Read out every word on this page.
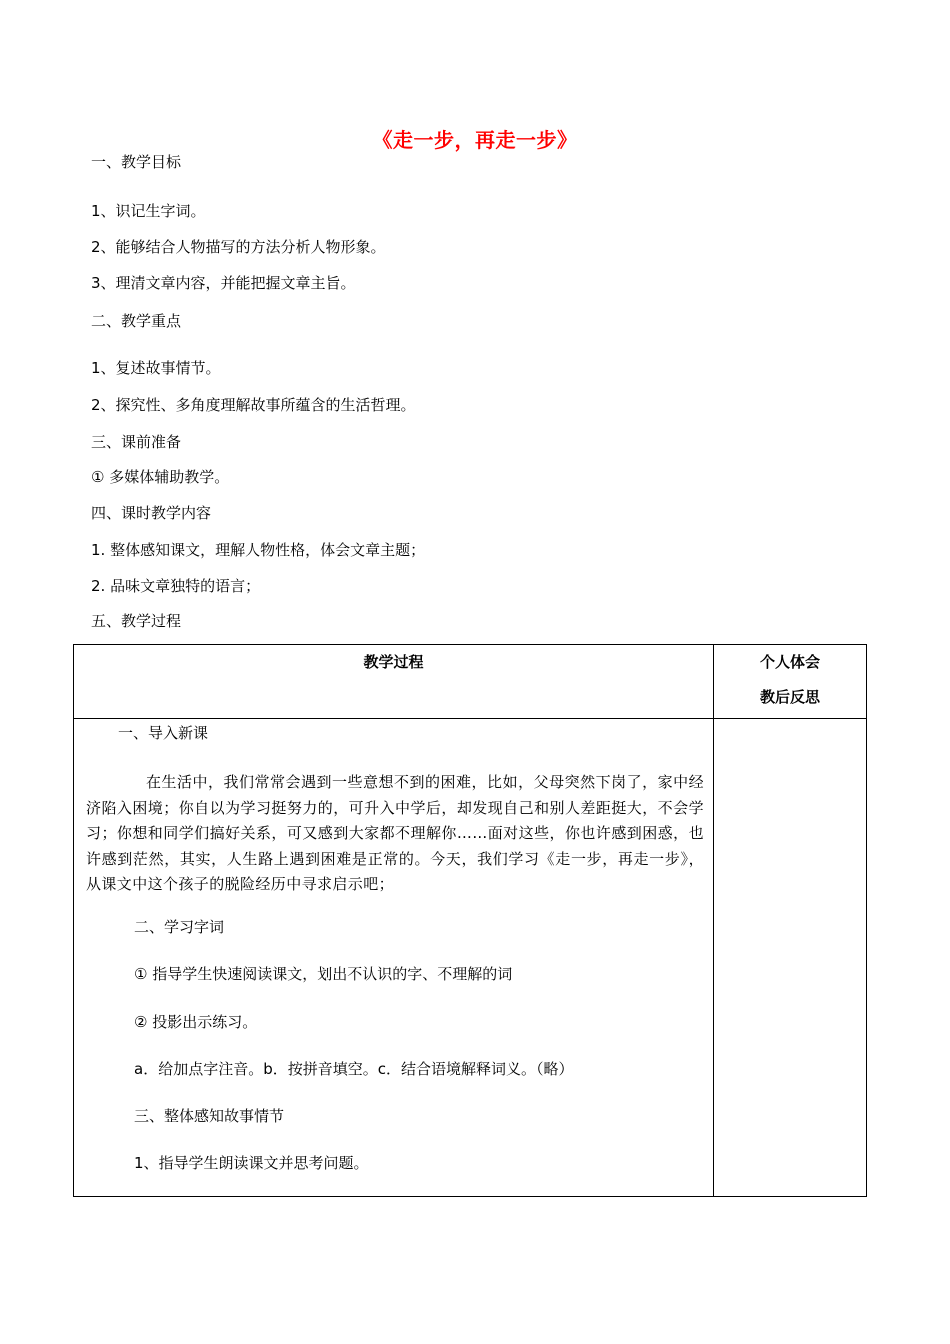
《走一步，再走一步》
一、教学目标
1、识记生字词。
2、能够结合人物描写的方法分析人物形象。
3、理清文章内容，并能把握文章主旨。
二、教学重点
1、复述故事情节。
2、探究性、多角度理解故事所蕴含的生活哲理。
三、课前准备
① 多媒体辅助教学。
四、课时教学内容
1. 整体感知课文，理解人物性格，体会文章主题；
2. 品味文章独特的语言；
五、教学过程
教学过程	个人体会
教后反思
一、导入新课
在生活中，我们常常会遇到一些意想不到的困难，比如，父母突然下岗了，家中经济陷入困境；你自以为学习挺努力的，可升入中学后，却发现自己和别人差距挺大，不会学习；你想和同学们搞好关系，可又感到大家都不理解你……面对这些，你也许感到困惑，也许感到茫然，其实，人生路上遇到困难是正常的。今天，我们学习《走一步，再走一步》，从课文中这个孩子的脱险经历中寻求启示吧；
二、学习字词
① 指导学生快速阅读课文，划出不认识的字、不理解的词
② 投影出示练习。
a．给加点字注音。b．按拼音填空。c．结合语境解释词义。（略）
三、整体感知故事情节
1、指导学生朗读课文并思考问题。
